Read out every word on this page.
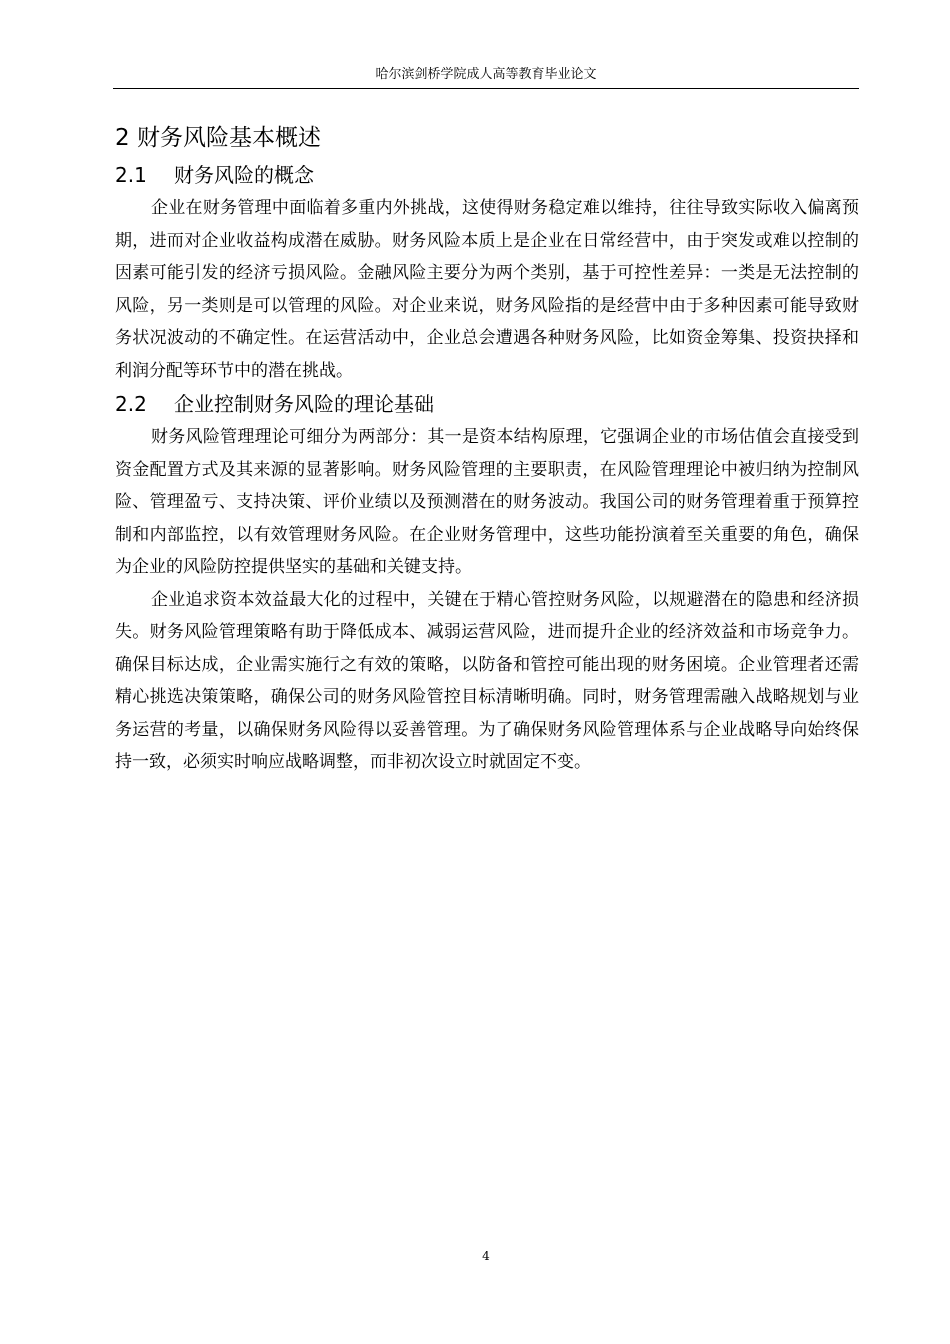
哈尔滨剑桥学院成人高等教育毕业论文
2 财务风险基本概述
2.1 财务风险的概念

企业在财务管理中面临着多重内外挑战，这使得财务稳定难以维持，往往导致实际收入偏离预期，进而对企业收益构成潜在威胁。财务风险本质上是企业在日常经营中，由于突发或难以控制的因素可能引发的经济亏损风险。金融风险主要分为两个类别，基于可控性差异：一类是无法控制的风险，另一类则是可以管理的风险。对企业来说，财务风险指的是经营中由于多种因素可能导致财务状况波动的不确定性。在运营活动中，企业总会遭遇各种财务风险，比如资金筹集、投资抉择和利润分配等环节中的潜在挑战。

2.2 企业控制财务风险的理论基础

财务风险管理理论可细分为两部分：其一是资本结构原理，它强调企业的市场估值会直接受到资金配置方式及其来源的显著影响。财务风险管理的主要职责，在风险管理理论中被归纳为控制风险、管理盈亏、支持决策、评价业绩以及预测潜在的财务波动。我国公司的财务管理着重于预算控制和内部监控，以有效管理财务风险。在企业财务管理中，这些功能扮演着至关重要的角色，确保为企业的风险防控提供坚实的基础和关键支持。

企业追求资本效益最大化的过程中，关键在于精心管控财务风险，以规避潜在的隐患和经济损失。财务风险管理策略有助于降低成本、减弱运营风险，进而提升企业的经济效益和市场竞争力。确保目标达成，企业需实施行之有效的策略，以防备和管控可能出现的财务困境。企业管理者还需精心挑选决策策略，确保公司的财务风险管控目标清晰明确。同时，财务管理需融入战略规划与业务运营的考量，以确保财务风险得以妥善管理。为了确保财务风险管理体系与企业战略导向始终保持一致，必须实时响应战略调整，而非初次设立时就固定不变。

4
